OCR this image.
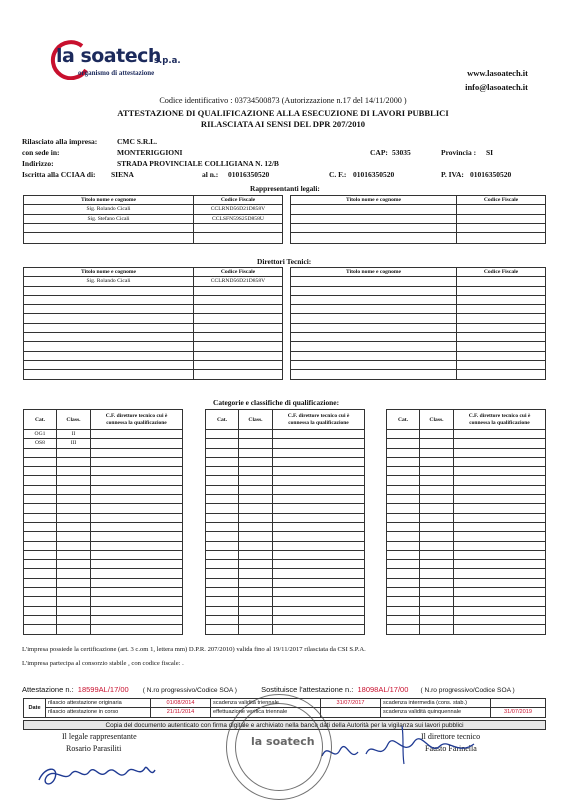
la soatech
s.p.a.
organismo di attestazione	www.lasoatech.it
info@lasoatech.it
Codice identificativo : 03734500873 (Autorizzazione n.17 del 14/11/2000 )
ATTESTAZIONE DI QUALIFICAZIONE ALLA ESECUZIONE DI LAVORI PUBBLICI
RILASCIATA AI SENSI DEL DPR 207/2010
Rilasciato alla impresa:	CMC S.R.L.
con sede in:	MONTERIGGIONI	CAP: 53035	Provincia : SI
Indirizzo:	STRADA PROVINCIALE COLLIGIANA N. 12/B
Iscritta alla CCIAA di: SIENA	al n.: 01016350520	C. F.: 01016350520	P. IVA: 01016350520
Rappresentanti legali:
Titolo nome e cognome	Codice Fiscale
Sig. Rolando Cicali	CCLRND56D21D858V
Sig. Stefano Cicali	CCLSFN59S25D858U

Titolo nome e cognome	Codice Fiscale

Direttori Tecnici:
Titolo nome e cognome	Codice Fiscale
Sig. Rolando Cicali	CCLRND56D21D858V

Titolo nome e cognome	Codice Fiscale

Categorie e classifiche di qualificazione:
Cat.	Class.	C.F. direttore tecnico cui è
connessa la qualificazione
OG1	II	
OS8	III	

Cat.	Class.	C.F. direttore tecnico cui è
connessa la qualificazione

			Cat.	Class.	C.F. direttore tecnico cui è
connessa la qualificazione

L'impresa possiede la certificazione (art. 3 c.om 1, lettera mm) D.P.R. 207/2010) valida fino al 19/11/2017 rilasciata da CSI S.P.A.
L'impresa partecipa al consorzio stabile , con codice fiscale: .
Attestazione n.: 18599AL/17/00 ( N.ro progressivo/Codice SOA )	Sostituisce l'attestazione n.: 18098AL/17/00 ( N.ro progressivo/Codice SOA )
Date	rilascio attestazione originaria	01/08/2014	scadenza validità triennale	31/07/2017	scadenza intermedia (cons. stab.)	
	rilascio attestazione in corso	21/11/2014	effettuazione verifica triennale		scadenza validità quinquennale	31/07/2019
Copia del documento autenticato con firma digitale e archiviato nella banca dati della Autorità per la vigilanza sui lavori pubblici
Il legale rappresentante
Rosario Parasiliti
Il direttore tecnico
Fausto Farinella
la soatech
